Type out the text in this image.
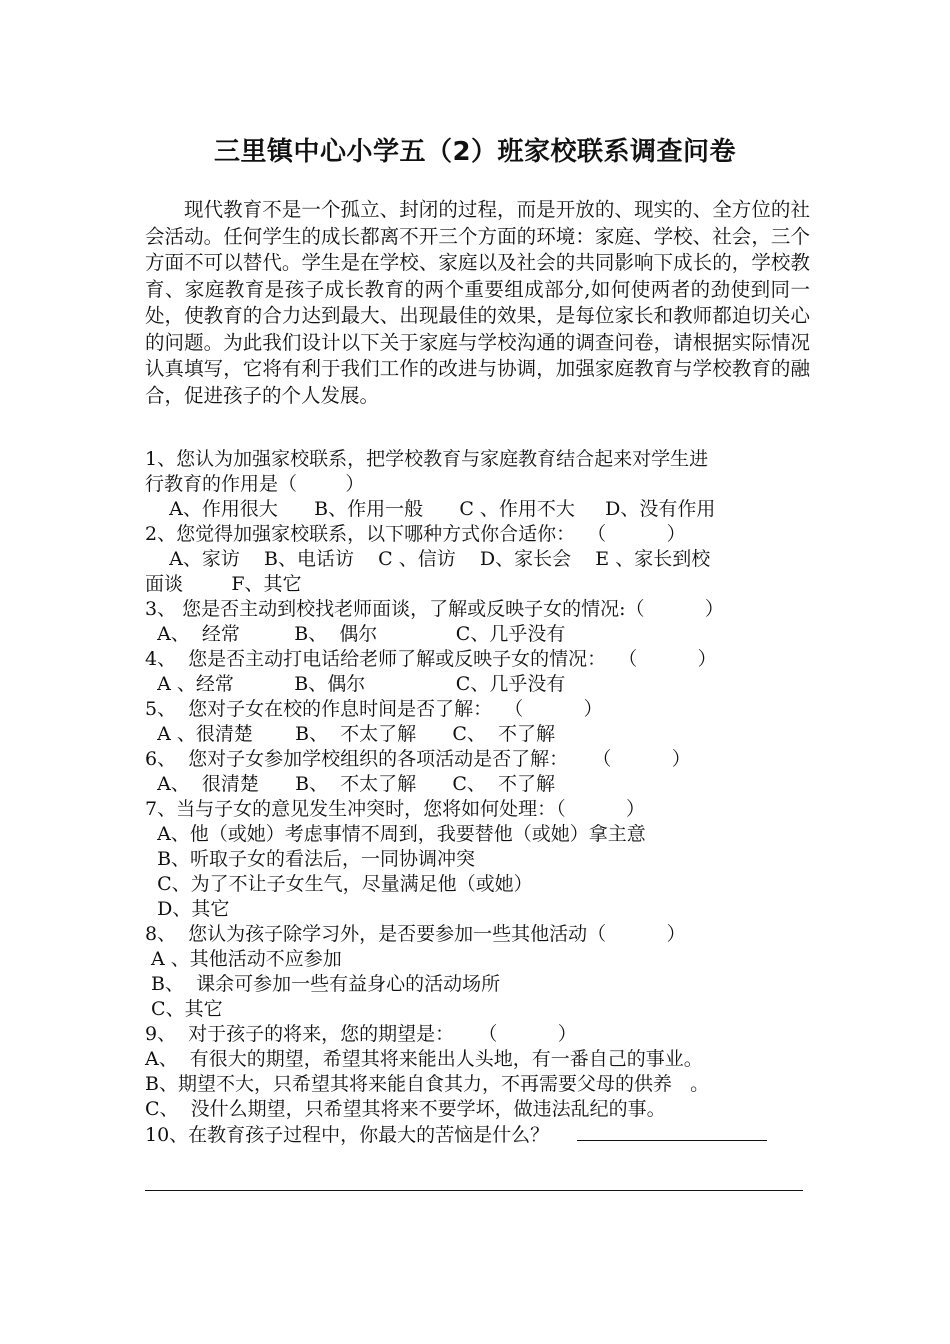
三里镇中心小学五（2）班家校联系调查问卷

现代教育不是一个孤立、封闭的过程，而是开放的、现实的、全方位的社会活动。任何学生的成长都离不开三个方面的环境：家庭、学校、社会，三个方面不可以替代。学生是在学校、家庭以及社会的共同影响下成长的，学校教育、家庭教育是孩子成长教育的两个重要组成部分,如何使两者的劲使到同一处，使教育的合力达到最大、出现最佳的效果，是每位家长和教师都迫切关心的问题。为此我们设计以下关于家庭与学校沟通的调查问卷，请根据实际情况认真填写，它将有利于我们工作的改进与协调，加强家庭教育与学校教育的融合，促进孩子的个人发展。

1、您认为加强家校联系，把学校教育与家庭教育结合起来对学生进
行教育的作用是（        ）
A、作用很大      B、作用一般      C 、作用不大     D、没有作用
2、您觉得加强家校联系，以下哪种方式你合适你：  （          ）
A、家访    B、电话访    C 、信访    D、家长会    E 、家长到校
面谈        F、其它
3、 您是否主动到校找老师面谈，了解或反映子女的情况:（          ）
A、  经常         B、  偶尔             C、几乎没有
4、  您是否主动打电话给老师了解或反映子女的情况：  （          ）
A 、经常          B、偶尔               C、几乎没有
5、  您对子女在校的作息时间是否了解：  （          ）
A 、很清楚       B、  不太了解      C、  不了解
6、  您对子女参加学校组织的各项活动是否了解：    （          ）
A、  很清楚      B、  不太了解      C、  不了解
7、当与子女的意见发生冲突时，您将如何处理：（          ）
A、他（或她）考虑事情不周到，我要替他（或她）拿主意
B、听取子女的看法后，一同协调冲突
C、为了不让子女生气，尽量满足他（或她）
D、其它
8、  您认为孩子除学习外，是否要参加一些其他活动（          ）
A 、其他活动不应参加
B、  课余可参加一些有益身心的活动场所
C、其它
9、  对于孩子的将来，您的期望是：    （          ）
A、  有很大的期望，希望其将来能出人头地，有一番自己的事业。
B、期望不大，只希望其将来能自食其力，不再需要父母的供养   。
C、  没什么期望，只希望其将来不要学坏，做违法乱纪的事。
10、在教育孩子过程中，你最大的苦恼是什么？
